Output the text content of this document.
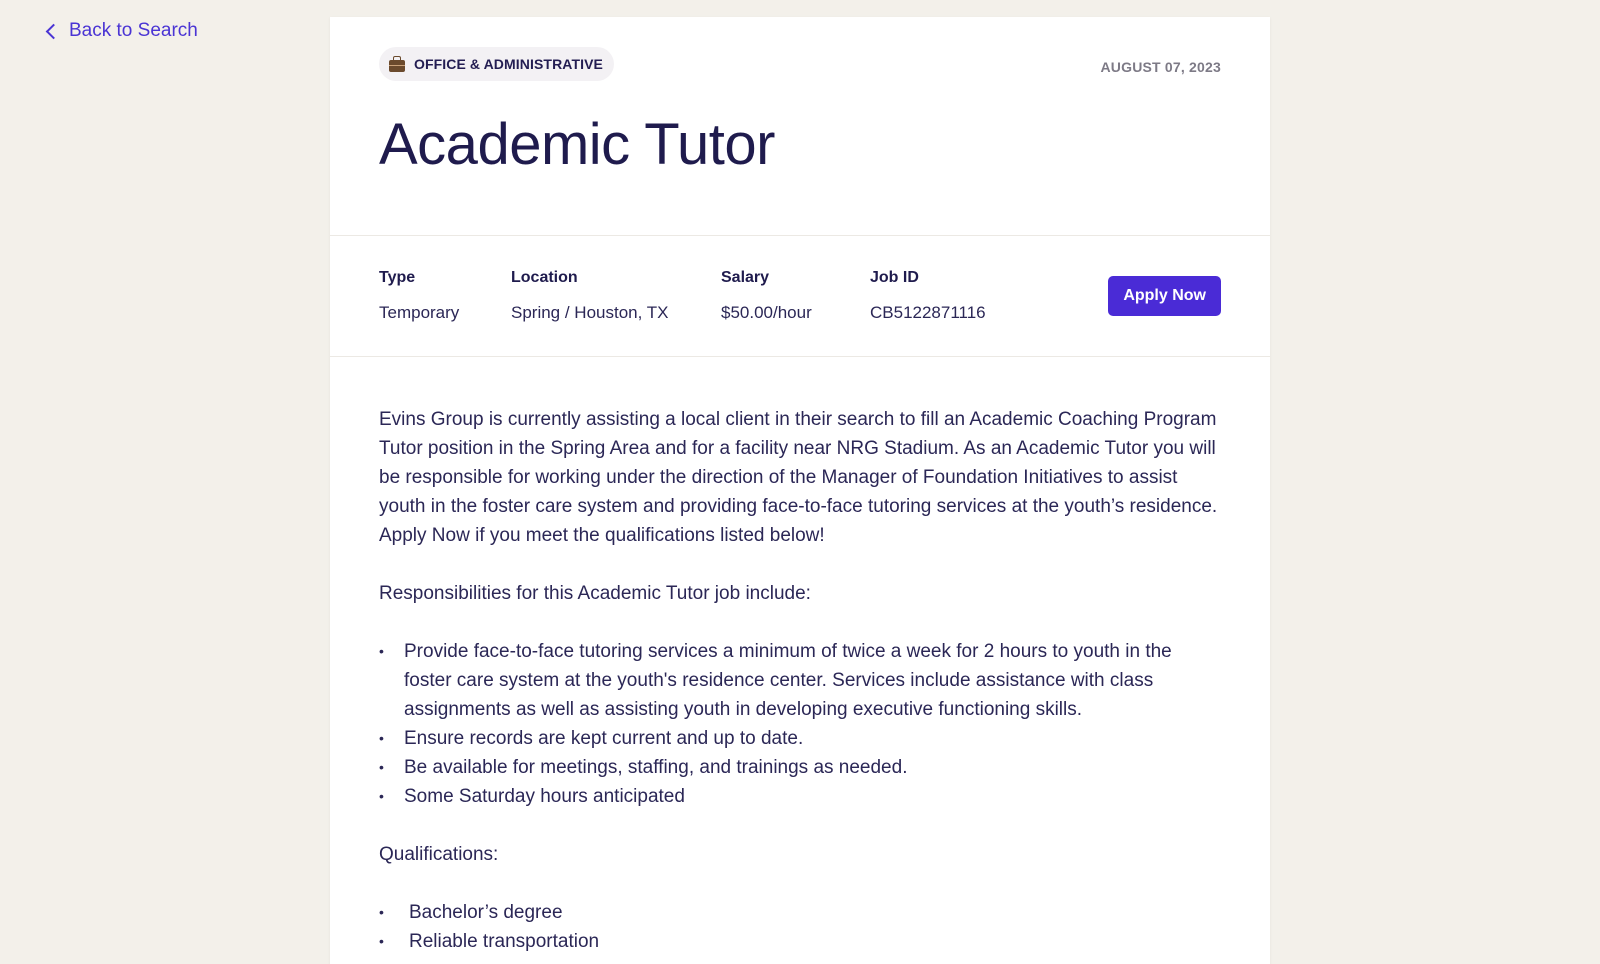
Back to Search
OFFICE & ADMINISTRATIVE	AUGUST 07, 2023
Academic Tutor
Type
Temporary
Location
Spring / Houston, TX
Salary
$50.00/hour
Job ID
CB5122871116
Apply Now

Evins Group is currently assisting a local client in their search to fill an Academic Coaching Program Tutor position in the Spring Area and for a facility near NRG Stadium. As an Academic Tutor you will be responsible for working under the direction of the Manager of Foundation Initiatives to assist youth in the foster care system and providing face-to-face tutoring services at the youth’s residence. Apply Now if you meet the qualifications listed below!

Responsibilities for this Academic Tutor job include:

• Provide face-to-face tutoring services a minimum of twice a week for 2 hours to youth in the foster care system at the youth's residence center. Services include assistance with class assignments as well as assisting youth in developing executive functioning skills.
• Ensure records are kept current and up to date.
• Be available for meetings, staffing, and trainings as needed.
• Some Saturday hours anticipated

Qualifications:

• Bachelor’s degree
• Reliable transportation
